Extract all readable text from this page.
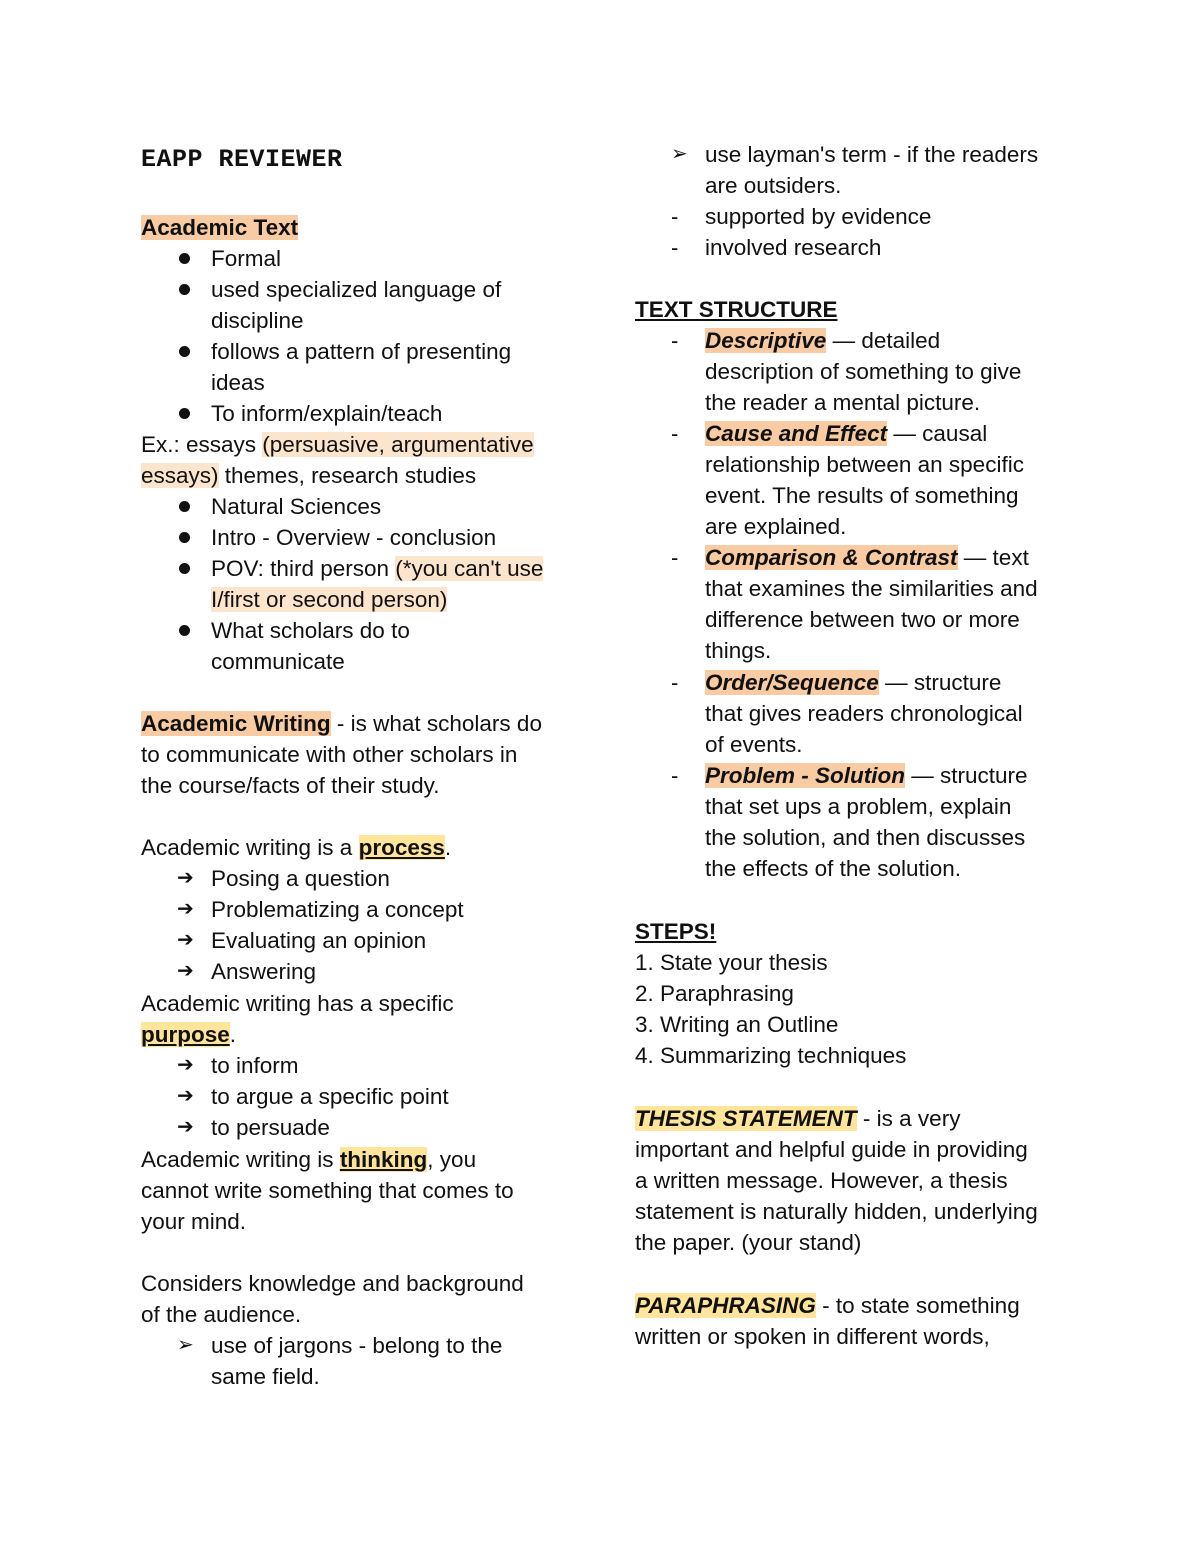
EAPP REVIEWER
Academic Text
Formal
used specialized language of
discipline
follows a pattern of presenting
ideas
To inform/explain/teach
Ex.: essays (persuasive, argumentative
essays) themes, research studies
Natural Sciences
Intro - Overview - conclusion
POV: third person (*you can't use
I/first or second person)
What scholars do to
communicate
Academic Writing - is what scholars do
to communicate with other scholars in
the course/facts of their study.
Academic writing is a process.
➔ Posing a question
➔ Problematizing a concept
➔ Evaluating an opinion
➔ Answering
Academic writing has a specific
purpose.
➔ to inform
➔ to argue a specific point
➔ to persuade
Academic writing is thinking, you
cannot write something that comes to
your mind.
Considers knowledge and background
of the audience.
➢ use of jargons - belong to the
same field.
➢ use layman's term - if the readers
are outsiders.
- supported by evidence
- involved research
TEXT STRUCTURE
- Descriptive — detailed
description of something to give
the reader a mental picture.
- Cause and Effect — causal
relationship between an specific
event. The results of something
are explained.
- Comparison & Contrast — text
that examines the similarities and
difference between two or more
things.
- Order/Sequence — structure
that gives readers chronological
of events.
- Problem - Solution — structure
that set ups a problem, explain
the solution, and then discusses
the effects of the solution.
STEPS!
1. State your thesis
2. Paraphrasing
3. Writing an Outline
4. Summarizing techniques
THESIS STATEMENT - is a very
important and helpful guide in providing
a written message. However, a thesis
statement is naturally hidden, underlying
the paper. (your stand)
PARAPHRASING - to state something
written or spoken in different words,
